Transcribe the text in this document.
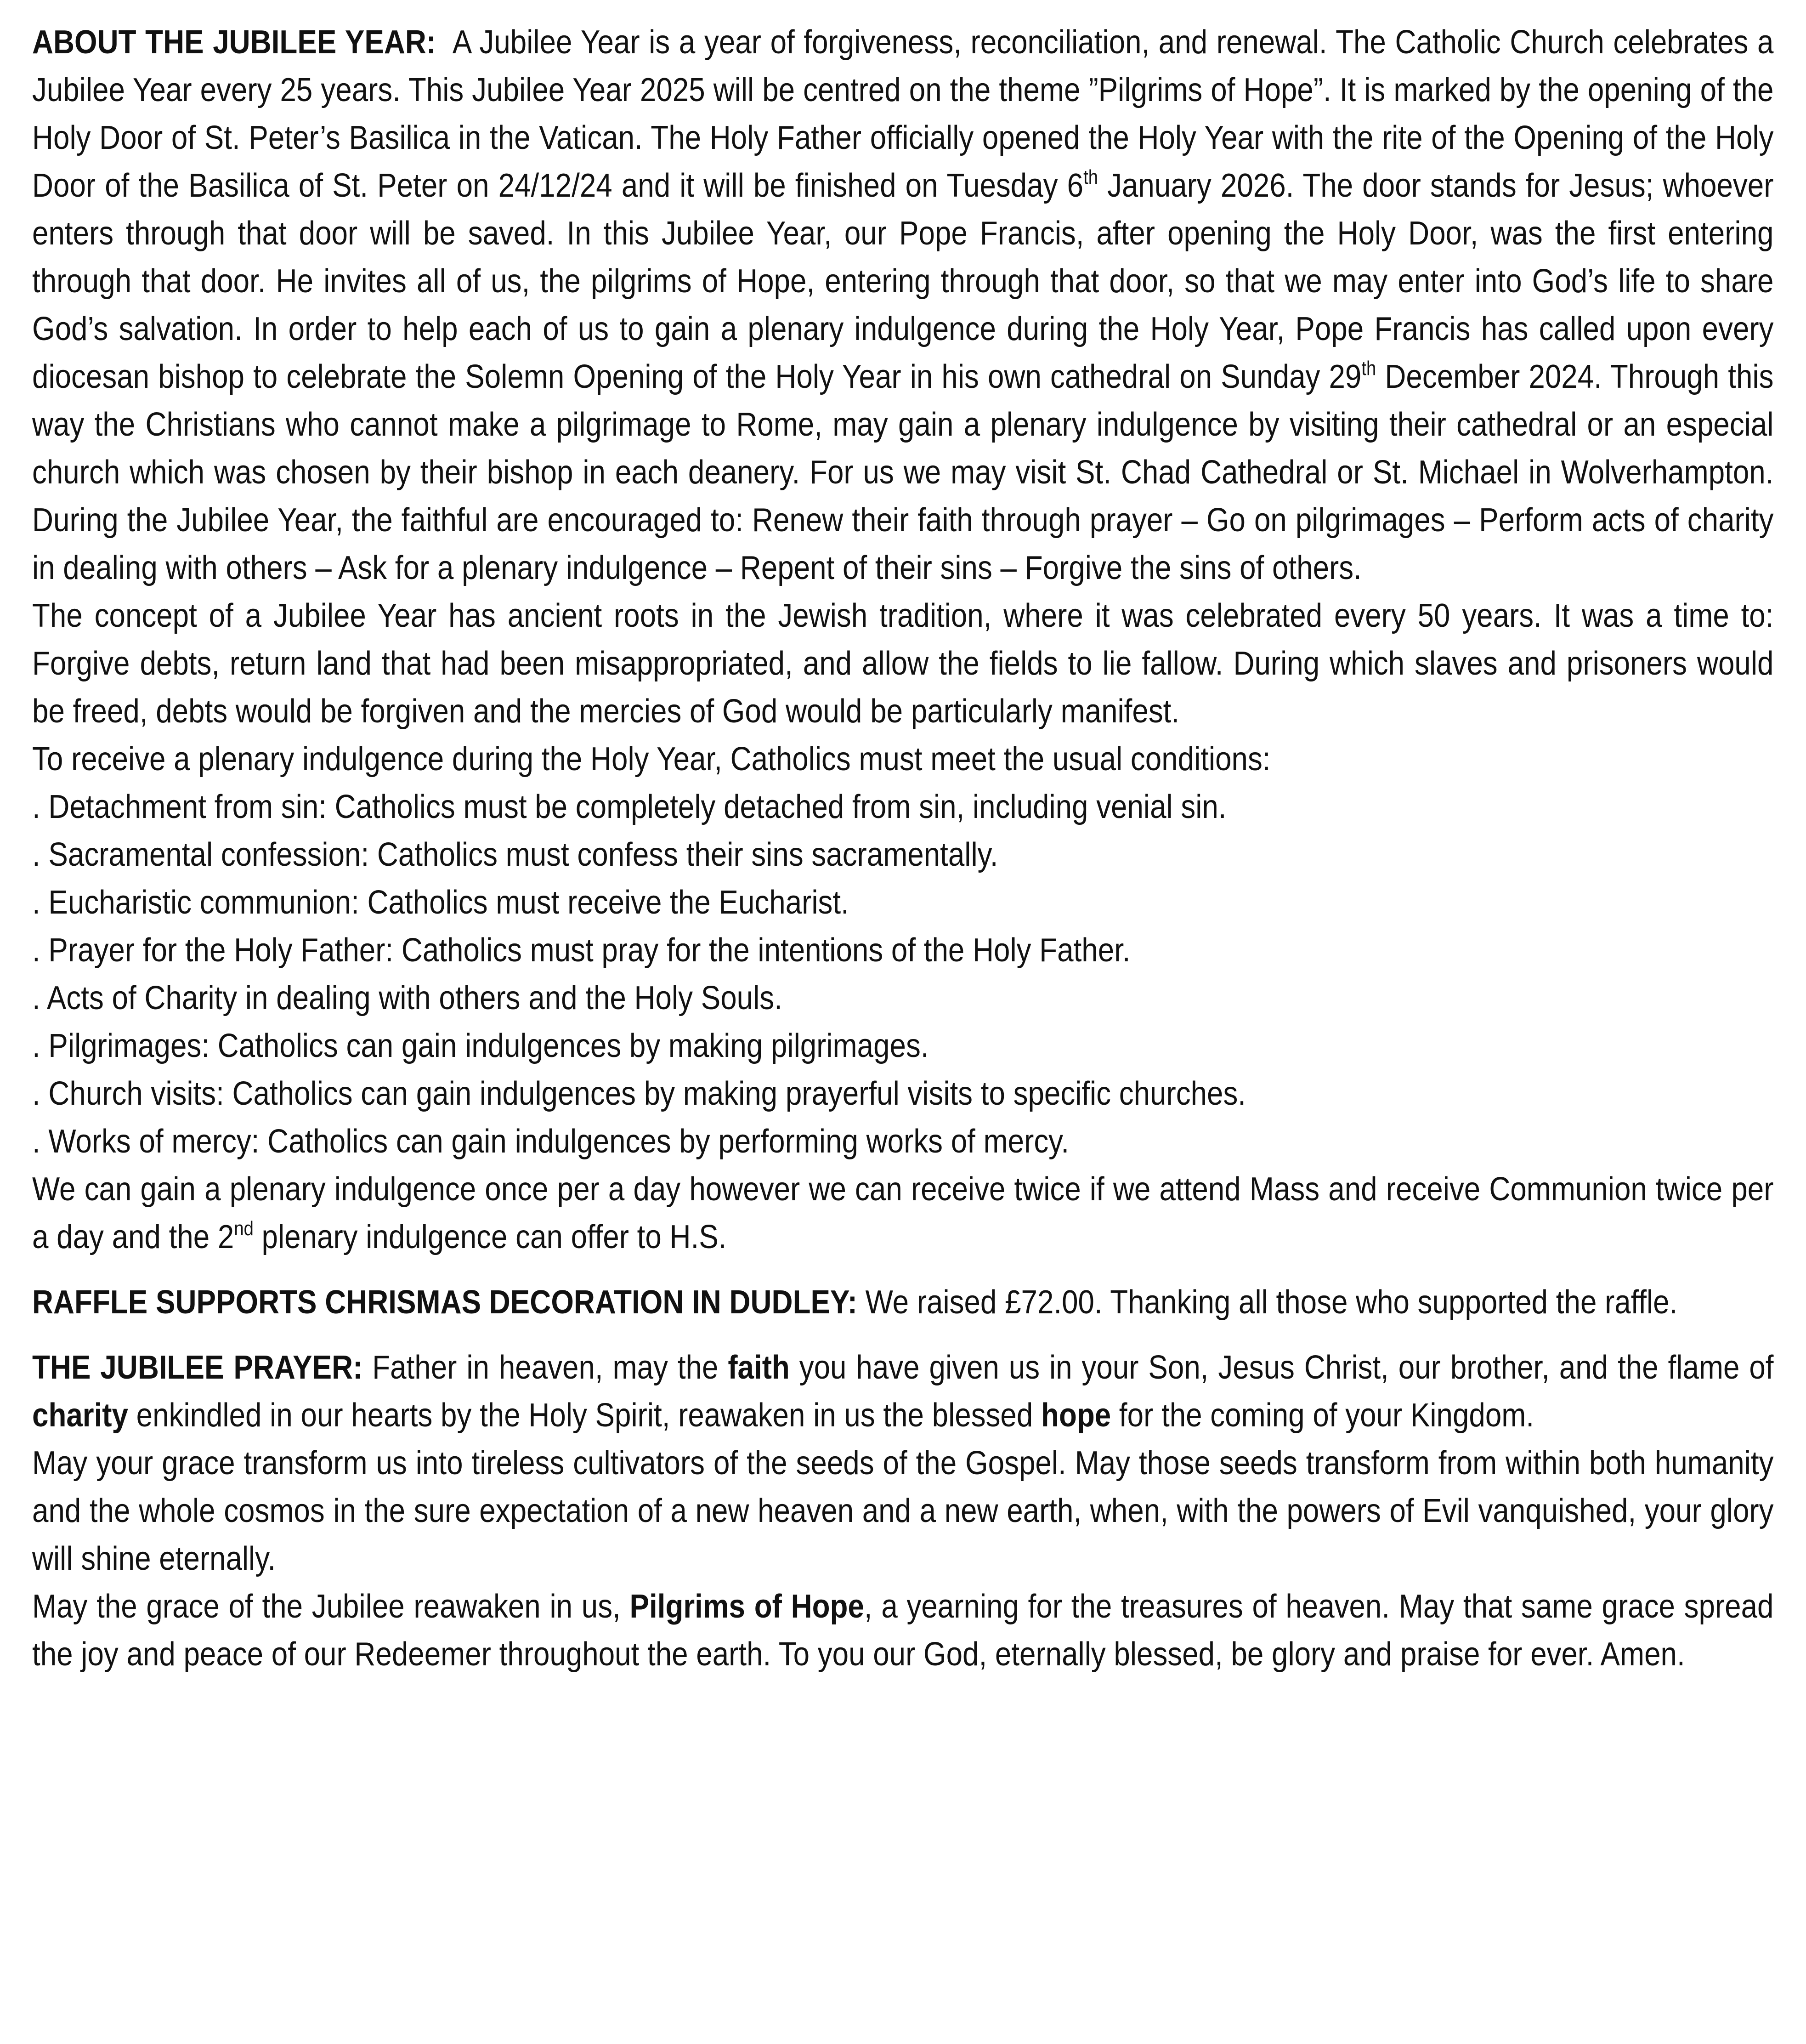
ABOUT THE JUBILEE YEAR: A Jubilee Year is a year of forgiveness, reconciliation, and renewal. The Catholic Church celebrates a Jubilee Year every 25 years. This Jubilee Year 2025 will be centred on the theme ”Pilgrims of Hope”. It is marked by the opening of the Holy Door of St. Peter’s Basilica in the Vatican. The Holy Father officially opened the Holy Year with the rite of the Opening of the Holy Door of the Basilica of St. Peter on 24/12/24 and it will be finished on Tuesday 6th January 2026. The door stands for Jesus; whoever enters through that door will be saved. In this Jubilee Year, our Pope Francis, after opening the Holy Door, was the first entering through that door. He invites all of us, the pilgrims of Hope, entering through that door, so that we may enter into God’s life to share God’s salvation. In order to help each of us to gain a plenary indulgence during the Holy Year, Pope Francis has called upon every diocesan bishop to celebrate the Solemn Opening of the Holy Year in his own cathedral on Sunday 29th December 2024. Through this way the Christians who cannot make a pilgrimage to Rome, may gain a plenary indulgence by visiting their cathedral or an especial church which was chosen by their bishop in each deanery. For us we may visit St. Chad Cathedral or St. Michael in Wolverhampton. During the Jubilee Year, the faithful are encouraged to: Renew their faith through prayer – Go on pilgrimages – Perform acts of charity in dealing with others – Ask for a plenary indulgence – Repent of their sins – Forgive the sins of others.

The concept of a Jubilee Year has ancient roots in the Jewish tradition, where it was celebrated every 50 years. It was a time to: Forgive debts, return land that had been misappropriated, and allow the fields to lie fallow. During which slaves and prisoners would be freed, debts would be forgiven and the mercies of God would be particularly manifest.

To receive a plenary indulgence during the Holy Year, Catholics must meet the usual conditions:

. Detachment from sin: Catholics must be completely detached from sin, including venial sin.

. Sacramental confession: Catholics must confess their sins sacramentally.

. Eucharistic communion: Catholics must receive the Eucharist.

. Prayer for the Holy Father: Catholics must pray for the intentions of the Holy Father.

. Acts of Charity in dealing with others and the Holy Souls.

. Pilgrimages: Catholics can gain indulgences by making pilgrimages.

. Church visits: Catholics can gain indulgences by making prayerful visits to specific churches.

. Works of mercy: Catholics can gain indulgences by performing works of mercy.

We can gain a plenary indulgence once per a day however we can receive twice if we attend Mass and receive Communion twice per a day and the 2nd plenary indulgence can offer to H.S.

RAFFLE SUPPORTS CHRISMAS DECORATION IN DUDLEY: We raised £72.00. Thanking all those who supported the raffle.

THE JUBILEE PRAYER: Father in heaven, may the faith you have given us in your Son, Jesus Christ, our brother, and the flame of charity enkindled in our hearts by the Holy Spirit, reawaken in us the blessed hope for the coming of your Kingdom.

May your grace transform us into tireless cultivators of the seeds of the Gospel. May those seeds transform from within both humanity and the whole cosmos in the sure expectation of a new heaven and a new earth, when, with the powers of Evil vanquished, your glory will shine eternally.

May the grace of the Jubilee reawaken in us, Pilgrims of Hope, a yearning for the treasures of heaven. May that same grace spread the joy and peace of our Redeemer throughout the earth. To you our God, eternally blessed, be glory and praise for ever. Amen.
